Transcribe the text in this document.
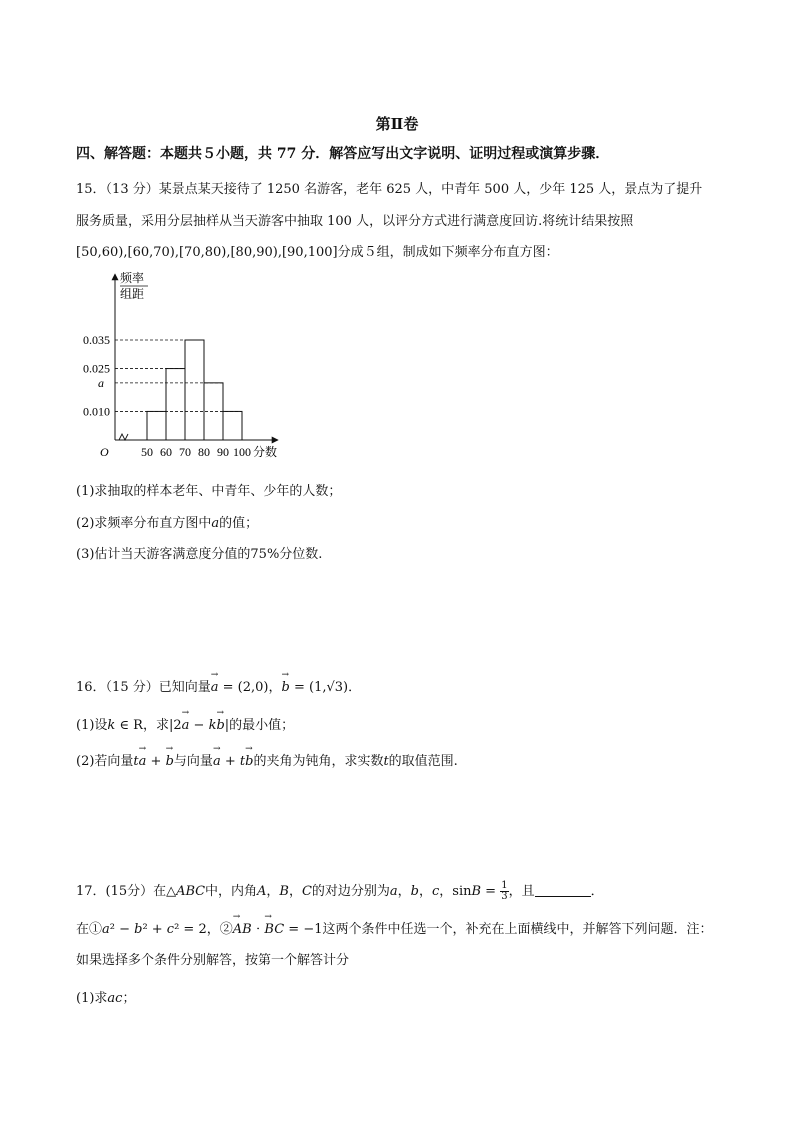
第Ⅱ卷
四、解答题：本题共５小题，共 77 分．解答应写出文字说明、证明过程或演算步骤．
15．（13 分）某景点某天接待了 1250 名游客，老年 625 人，中青年 500 人，少年 125 人，景点为了提升
服务质量，采用分层抽样从当天游客中抽取 100 人，以评分方式进行满意度回访.将统计结果按照
[50,60),[60,70),[70,80),[80,90),[90,100]分成５组，制成如下频率分布直方图：
频率
组距
O	分数
0.035
0.025
a
0.010
50 60 70 80 90 100
(1)求抽取的样本老年、中青年、少年的人数；
(2)求频率分布直方图中𝑎的值；
(3)估计当天游客满意度分值的75%分位数.
16．（15 分）已知向量→ a = (2,0)，→ b = (1,√3)．
(1)设𝑘 ∈ R，求|2→ a − k→ b|的最小值；
(2)若向量t→ a + → b与向量→ a + t→ b的夹角为钝角，求实数𝑡的取值范围.
17．(15分）在△𝐴𝐵𝐶中，内角𝐴，𝐵，𝐶的对边分别为𝑎，𝑏，𝑐，sin𝐵 = $\frac{1}{3}$ ，且	．
在①𝑎² − 𝑏² + 𝑐² = 2，②→ AB ⋅ → BC = −1这两个条件中任选一个，补充在上面横线中，并解答下列问题．注：
如果选择多个条件分别解答，按第一个解答计分
(1)求𝑎𝑐；
